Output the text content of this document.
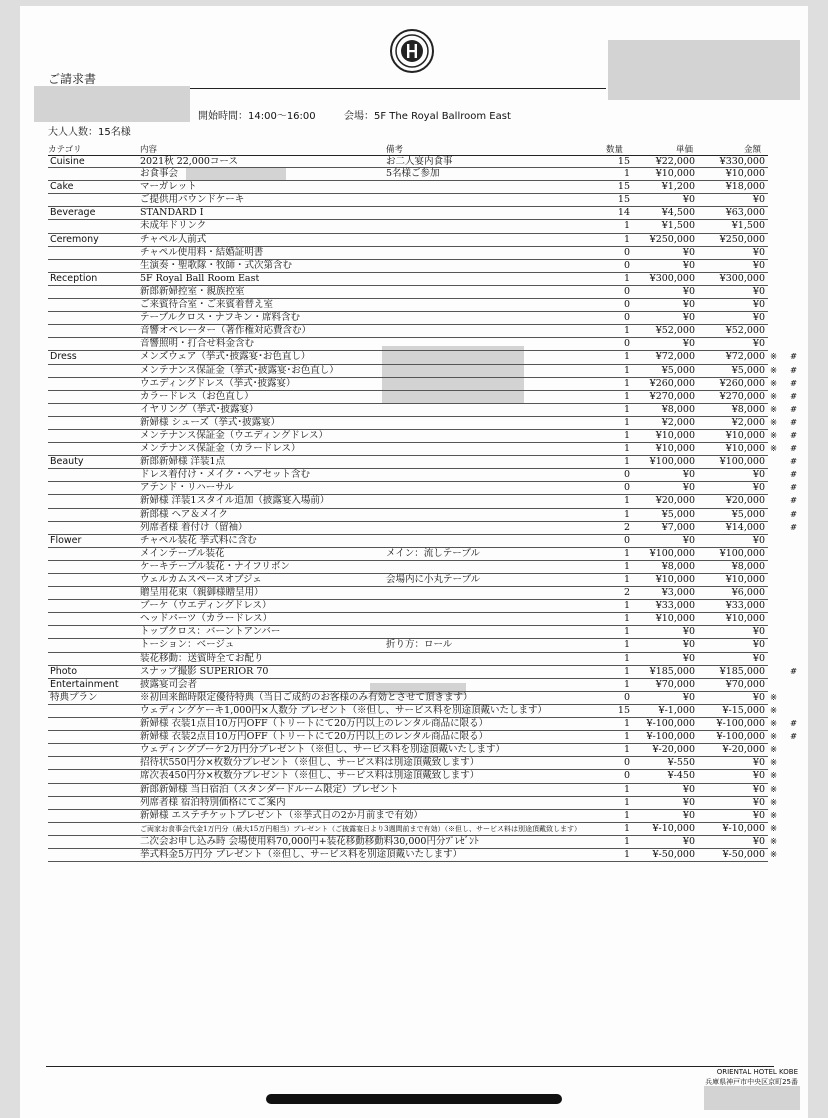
ご請求書
開始時間：14:00～16:00	会場：5F The Royal Ballroom East
大人人数：15名様
カテゴリ	内容	備考	数量	単価	金額
Cuisine	2021秋 22,000コース	お二人宴内食事	15	¥22,000	¥330,000
お食事会	5名様ご参加	1	¥10,000	¥10,000
Cake	マーガレット	15	¥1,200	¥18,000
ご提供用パウンドケーキ	15	¥0	¥0
Beverage	STANDARD Ⅰ	14	¥4,500	¥63,000
未成年ドリンク	1	¥1,500	¥1,500
Ceremony	チャペル人前式	1 ¥250,000	¥250,000
チャペル使用料・結婚証明書	0	¥0	¥0
生演奏・聖歌隊・牧師・式次第含む	0	¥0	¥0
Reception	5F Royal Ball Room East	1 ¥300,000	¥300,000
新郎新婦控室・親族控室	0	¥0	¥0
ご来賓待合室・ご来賓着替え室	0	¥0	¥0
テーブルクロス・ナフキン・席料含む	0	¥0	¥0
音響オペレーター（著作権対応費含む）	1	¥52,000	¥52,000
音響照明・打合せ料金含む	0	¥0	¥0
Dress	メンズウェア（挙式･披露宴･お色直し）	1	¥72,000	¥72,000 ※ #
メンテナンス保証金（挙式･披露宴･お色直し）	1	¥5,000	¥5,000 ※ #
ウエディングドレス（挙式･披露宴）	1 ¥260,000	¥260,000 ※ #
カラードレス（お色直し）	1 ¥270,000	¥270,000 ※ #
イヤリング（挙式･披露宴）	1	¥8,000	¥8,000 ※ #
新婦様 シューズ（挙式･披露宴）	1	¥2,000	¥2,000 ※ #
メンテナンス保証金（ウエディングドレス）	1	¥10,000	¥10,000 ※ #
メンテナンス保証金（カラードレス）	1	¥10,000	¥10,000 ※ #
Beauty	新郎新婦様 洋装1点	1 ¥100,000	¥100,000	#
ドレス着付け・メイク・ヘアセット含む	0	¥0	¥0	#
アテンド・リハーサル	0	¥0	¥0	#
新婦様 洋装1スタイル追加（披露宴入場前）	1	¥20,000	¥20,000	#
新郎様 ヘア＆メイク	1	¥5,000	¥5,000	#
列席者様 着付け（留袖）	2	¥7,000	¥14,000	#
Flower	チャペル装花 挙式料に含む	0	¥0	¥0
メインテーブル装花	メイン：流しテーブル	1 ¥100,000	¥100,000
ケーキテーブル装花・ナイフリボン	1	¥8,000	¥8,000
ウェルカムスペースオブジェ	会場内に小丸テーブル	1	¥10,000	¥10,000
贈呈用花束（親御様贈呈用）	2	¥3,000	¥6,000
ブーケ（ウエディングドレス）	1	¥33,000	¥33,000
ヘッドパーツ（カラードレス）	1	¥10,000	¥10,000
トップクロス：バーントアンバー	1	¥0	¥0
トーション：ベージュ	折り方：ロール	1	¥0	¥0
装花移動：送賓時全てお配り	1	¥0	¥0
Photo	スナップ撮影 SUPERIOR 70	1 ¥185,000	¥185,000	#
Entertainment 披露宴司会者	1	¥70,000	¥70,000
特典プラン	※初回来館時限定優待特典（当日ご成約のお客様のみ有効とさせて頂きます）	0	¥0	¥0 ※
ウェディングケーキ1,000円×人数分 プレゼント（※但し、サービス料を別途頂戴いたします）	15	¥-1,000	¥-15,000 ※
新婦様 衣装1点目10万円OFF（トリートにて20万円以上のレンタル商品に限る）	1 ¥-100,000 ¥-100,000 ※ #
新婦様 衣装2点目10万円OFF（トリートにて20万円以上のレンタル商品に限る）	1 ¥-100,000 ¥-100,000 ※ #
ウェディングブーケ2万円分プレゼント（※但し、サービス料を別途頂戴いたします）	1 ¥-20,000	¥-20,000 ※
招待状550円分×枚数分プレゼント（※但し、サービス料は別途頂戴致します）	0	¥-550	¥0 ※
席次表450円分×枚数分プレゼント（※但し、サービス料は別途頂戴致します）	0	¥-450	¥0 ※
新郎新婦様 当日宿泊（スタンダードルーム限定）プレゼント	1	¥0	¥0 ※
列席者様 宿泊特別価格にてご案内	1	¥0	¥0 ※
新婦様 エステチケットプレゼント（※挙式日の2か月前まで有効）	1	¥0	¥0 ※
ご両家お食事会代金1万円分（最大15万円相当）プレゼント（ご披露宴日より3週間前まで有効）（※但し、サービス料は別途頂戴致します）	1 ¥-10,000	¥-10,000 ※
二次会お申し込み時 会場使用料70,000円+装花移動移動料30,000円分ﾌﾟﾚｾﾞﾝﾄ	1	¥0	¥0 ※
挙式料金5万円分 プレゼント（※但し、サービス料を別途頂戴いたします）	1 ¥-50,000	¥-50,000 ※
ORIENTAL HOTEL KOBE
兵庫県神戸市中央区京町25番
